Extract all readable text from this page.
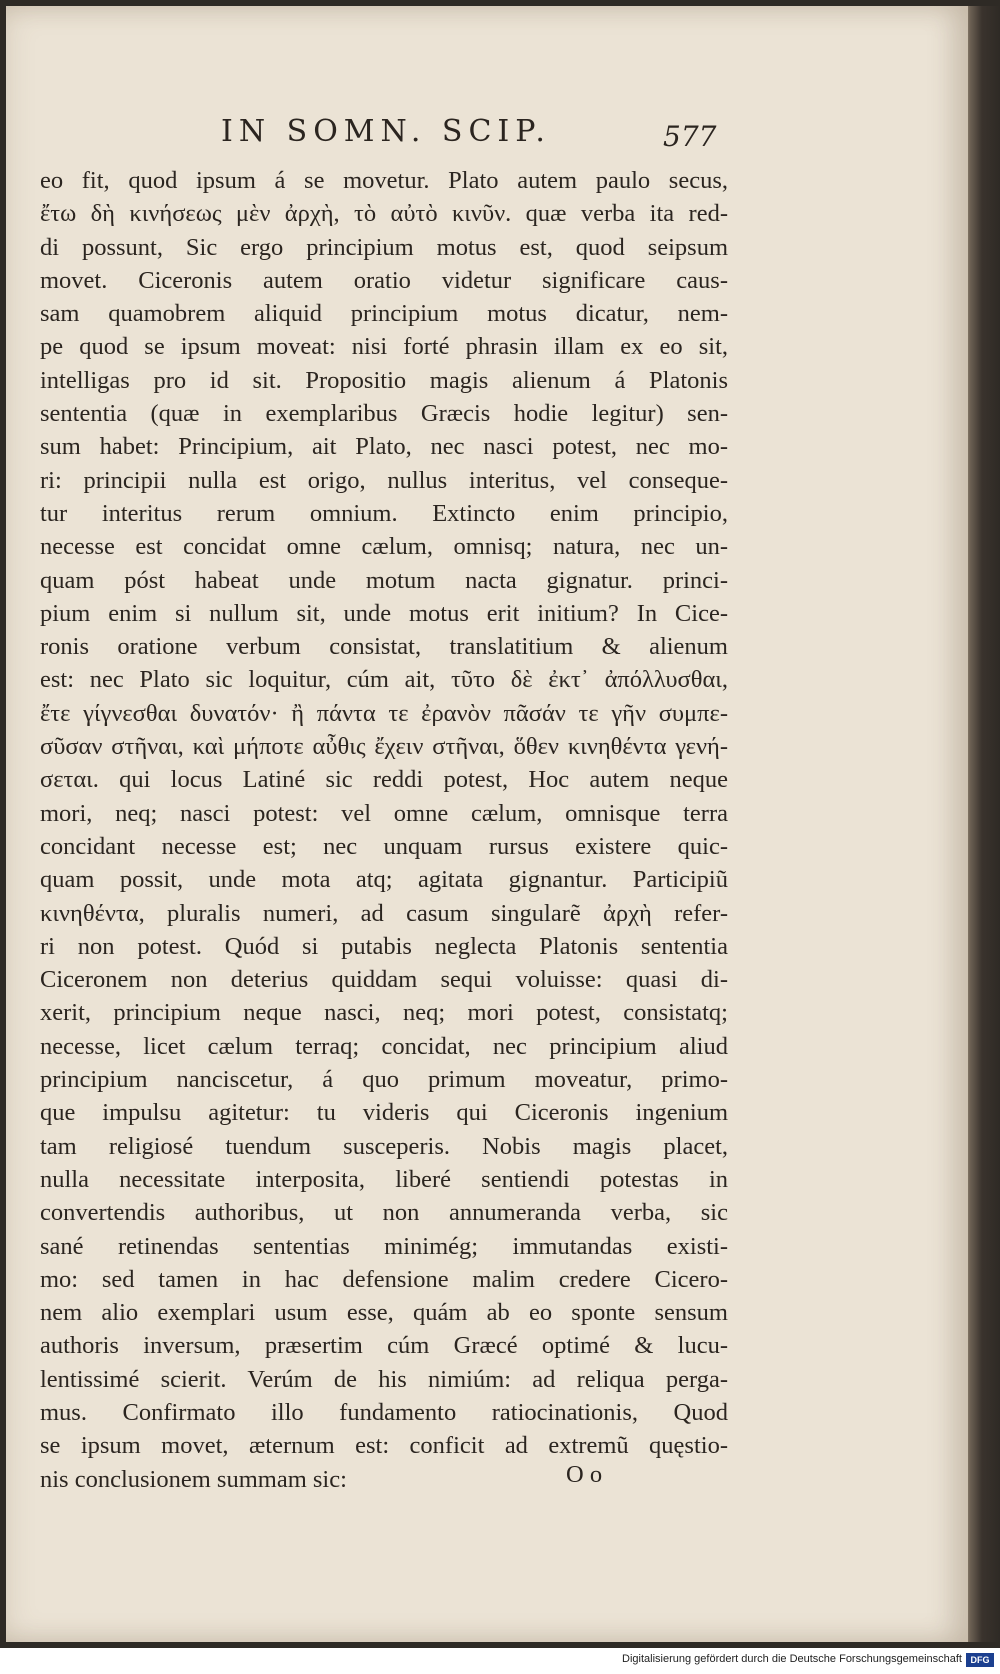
IN SOMN. SCIP.	577
eo fit, quod ipsum á se movetur. Plato autem paulo secus,
ἔτω δὴ κινήσεως μὲν ἀρχὴ, τὸ αὐτὸ κινῦν. quæ verba ita red-
di possunt, Sic ergo principium motus est, quod seipsum
movet. Ciceronis autem oratio videtur significare caus-
sam quamobrem aliquid principium motus dicatur, nem-
pe quod se ipsum moveat: nisi forté phrasin illam ex eo sit,
intelligas pro id sit. Propositio magis alienum á Platonis
sententia (quæ in exemplaribus Græcis hodie legitur) sen-
sum habet: Principium, ait Plato, nec nasci potest, nec mo-
ri: principii nulla est origo, nullus interitus, vel conseque-
tur interitus rerum omnium. Extincto enim principio,
necesse est concidat omne cælum, omnisq; natura, nec un-
quam póst habeat unde motum nacta gignatur. princi-
pium enim si nullum sit, unde motus erit initium? In Cice-
ronis oratione verbum consistat, translatitium & alienum
est: nec Plato sic loquitur, cúm ait, τῦτο δὲ ἐκτ᾽ ἀπόλλυσθαι,
ἔτε γίγνεσθαι δυνατόν· ἢ πάντα τε ἐρανὸν πᾶσάν τε γῆν συμπε-
σῦσαν στῆναι, καὶ μήποτε αὖθις ἔχειν στῆναι, ὅθεν κινηθέντα γενή-
σεται. qui locus Latiné sic reddi potest, Hoc autem neque
mori, neq; nasci potest: vel omne cælum, omnisque terra
concidant necesse est; nec unquam rursus existere quic-
quam possit, unde mota atq; agitata gignantur. Participiũ
κινηθέντα, pluralis numeri, ad casum singularẽ ἀρχὴ refer-
ri non potest. Quód si putabis neglecta Platonis sententia
Ciceronem non deterius quiddam sequi voluisse: quasi di-
xerit, principium neque nasci, neq; mori potest, consistatq;
necesse, licet cælum terraq; concidat, nec principium aliud
principium nanciscetur, á quo primum moveatur, primo-
que impulsu agitetur: tu videris qui Ciceronis ingenium
tam religiosé tuendum susceperis. Nobis magis placet,
nulla necessitate interposita, liberé sentiendi potestas in
convertendis authoribus, ut non annumeranda verba, sic
sané retinendas sententias minimég; immutandas existi-
mo: sed tamen in hac defensione malim credere Cicero-
nem alio exemplari usum esse, quám ab eo sponte sensum
authoris inversum, præsertim cúm Græcé optimé & lucu-
lentissimé scierit. Verúm de his nimiúm: ad reliqua perga-
mus. Confirmato illo fundamento ratiocinationis, Quod
se ipsum movet, æternum est: conficit ad extremũ quęstio-
nis conclusionem summam sic:	O o
Digitalisierung gefördert durch die Deutsche Forschungsgemeinschaft DFG
